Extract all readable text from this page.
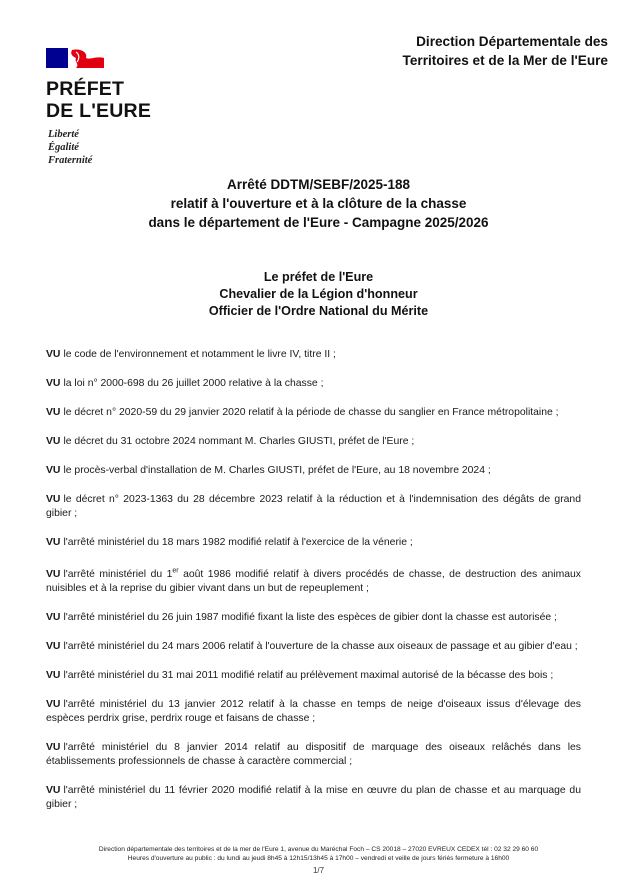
PRÉFET
DE L'EURE
Liberté
Égalité
Fraternité
Direction Départementale des
Territoires et de la Mer de l'Eure
Arrêté DDTM/SEBF/2025-188
relatif à l'ouverture et à la clôture de la chasse
dans le département de l'Eure - Campagne 2025/2026
Le préfet de l'Eure
Chevalier de la Légion d'honneur
Officier de l'Ordre National du Mérite

VU le code de l'environnement et notamment le livre IV, titre II ;

VU la loi n° 2000-698 du 26 juillet 2000 relative à la chasse ;

VU le décret n° 2020-59 du 29 janvier 2020 relatif à la période de chasse du sanglier en France métropolitaine ;

VU le décret du 31 octobre 2024 nommant M. Charles GIUSTI, préfet de l'Eure ;

VU le procès-verbal d'installation de M. Charles GIUSTI, préfet de l'Eure, au 18 novembre 2024 ;

VU le décret n° 2023-1363 du 28 décembre 2023 relatif à la réduction et à l'indemnisation des dégâts de grand gibier ;

VU l'arrêté ministériel du 18 mars 1982 modifié relatif à l'exercice de la vénerie ;

VU l'arrêté ministériel du 1er août 1986 modifié relatif à divers procédés de chasse, de destruction des animaux nuisibles et à la reprise du gibier vivant dans un but de repeuplement ;

VU l'arrêté ministériel du 26 juin 1987 modifié fixant la liste des espèces de gibier dont la chasse est autorisée ;

VU l'arrêté ministériel du 24 mars 2006 relatif à l'ouverture de la chasse aux oiseaux de passage et au gibier d'eau ;

VU l'arrêté ministériel du 31 mai 2011 modifié relatif au prélèvement maximal autorisé de la bécasse des bois ;

VU l'arrêté ministériel du 13 janvier 2012 relatif à la chasse en temps de neige d'oiseaux issus d'élevage des espèces perdrix grise, perdrix rouge et faisans de chasse ;

VU l'arrêté ministériel du 8 janvier 2014 relatif au dispositif de marquage des oiseaux relâchés dans les établissements professionnels de chasse à caractère commercial ;

VU l'arrêté ministériel du 11 février 2020 modifié relatif à la mise en œuvre du plan de chasse et au marquage du gibier ;

Direction départementale des territoires et de la mer de l'Eure 1, avenue du Maréchal Foch – CS 20018 – 27020 EVREUX CEDEX tél : 02 32 29 60 60
Heures d'ouverture au public : du lundi au jeudi 8h45 à 12h15/13h45 à 17h00 – vendredi et veille de jours fériés fermeture à 16h00
1/7
